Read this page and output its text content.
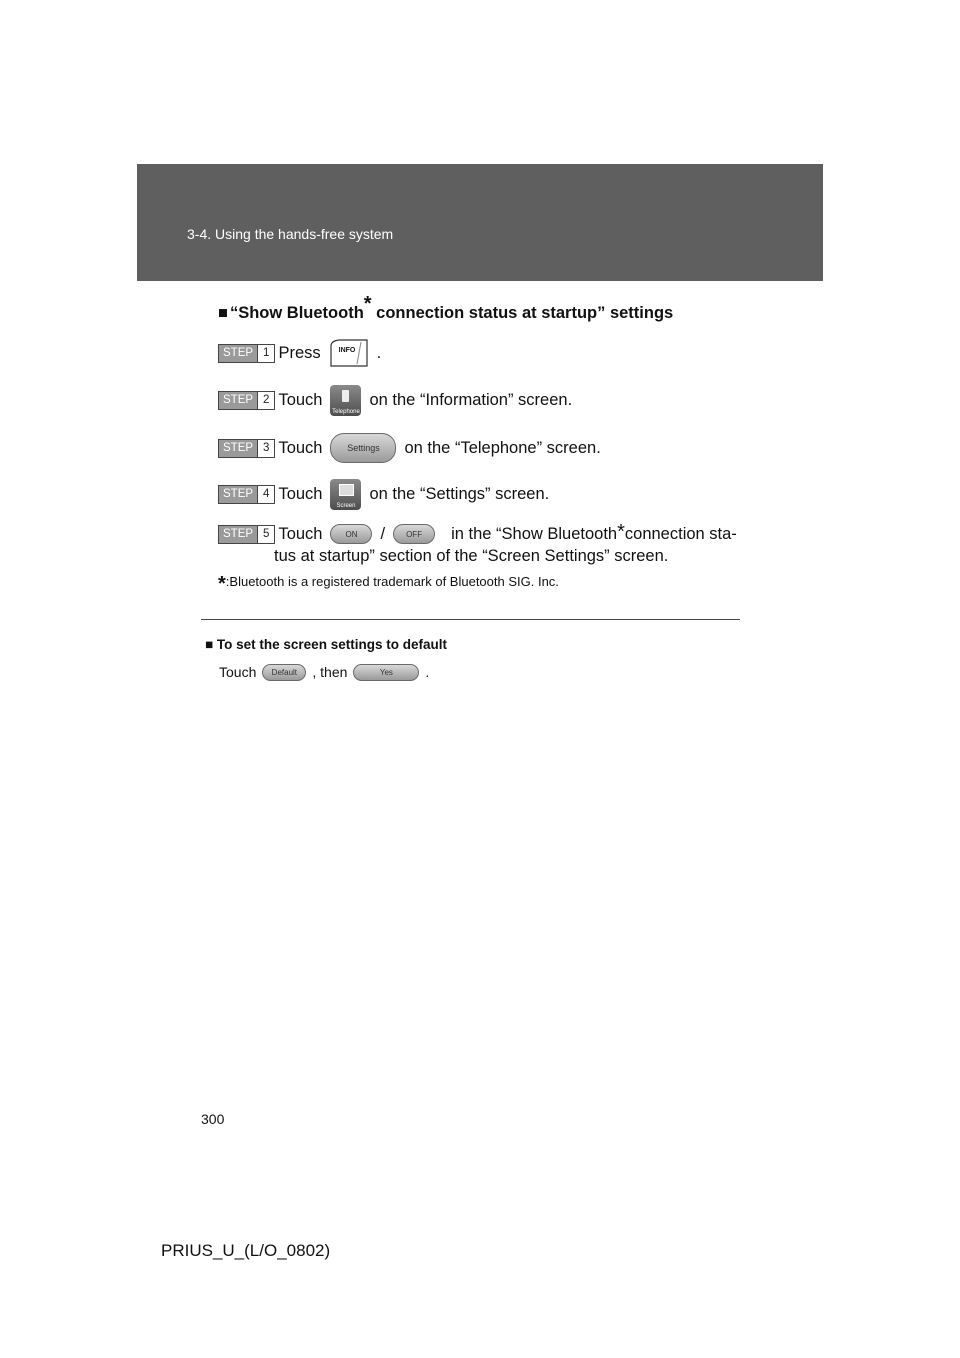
3-4. Using the hands-free system
■ “Show Bluetooth* connection status at startup” settings
STEP 1 Press	INFO .
STEP 2 Touch
Telephone
on the “Information” screen.
STEP 3 Touch	Settings	on the “Telephone” screen.
STEP 4 Touch
Screen
on the “Settings” screen.
STEP 5 Touch	ON	/	OFF	in the “Show Bluetooth* connection sta-
tus at startup” section of the “Screen Settings” screen.
*:Bluetooth is a registered trademark of Bluetooth SIG. Inc.
■ To set the screen settings to default
Touch	Default	, then	Yes	.
300
PRIUS_U_(L/O_0802)
